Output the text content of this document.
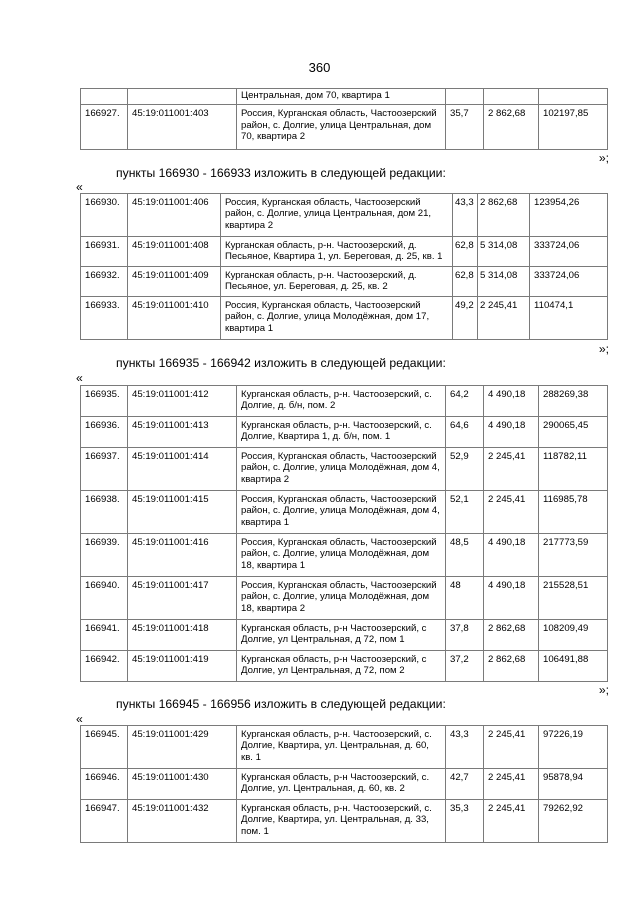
360
		Центральная, дом 70, квартира 1			
166927.	45:19:011001:403	Россия, Курганская область, Частоозерский район, с. Долгие, улица Центральная, дом 70, квартира 2	35,7	2 862,68	102197,85
»;
пункты 166930 - 166933 изложить в следующей редакции:
«
166930.	45:19:011001:406	Россия, Курганская область, Частоозерский район, с. Долгие, улица Центральная, дом 21, квартира 2	43,3	2 862,68	123954,26
166931.	45:19:011001:408	Курганская область, р-н. Частоозерский, д. Песьяное, Квартира 1, ул. Береговая, д. 25, кв. 1	62,8	5 314,08	333724,06
166932.	45:19:011001:409	Курганская область, р-н. Частоозерский, д. Песьяное, ул. Береговая, д. 25, кв. 2	62,8	5 314,08	333724,06
166933.	45:19:011001:410	Россия, Курганская область, Частоозерский район, с. Долгие, улица Молодёжная, дом 17, квартира 1	49,2	2 245,41	110474,1
»;
пункты 166935 - 166942 изложить в следующей редакции:
«
166935.	45:19:011001:412	Курганская область, р-н. Частоозерский, с. Долгие, д. б/н, пом. 2	64,2	4 490,18	288269,38
166936.	45:19:011001:413	Курганская область, р-н. Частоозерский, с. Долгие, Квартира 1, д. б/н, пом. 1	64,6	4 490,18	290065,45
166937.	45:19:011001:414	Россия, Курганская область, Частоозерский район, с. Долгие, улица Молодёжная, дом 4, квартира 2	52,9	2 245,41	118782,11
166938.	45:19:011001:415	Россия, Курганская область, Частоозерский район, с. Долгие, улица Молодёжная, дом 4, квартира 1	52,1	2 245,41	116985,78
166939.	45:19:011001:416	Россия, Курганская область, Частоозерский район, с. Долгие, улица Молодёжная, дом 18, квартира 1	48,5	4 490,18	217773,59
166940.	45:19:011001:417	Россия, Курганская область, Частоозерский район, с. Долгие, улица Молодёжная, дом 18, квартира 2	48	4 490,18	215528,51
166941.	45:19:011001:418	Курганская область, р-н Частоозерский, с Долгие, ул Центральная, д 72, пом 1	37,8	2 862,68	108209,49
166942.	45:19:011001:419	Курганская область, р-н Частоозерский, с Долгие, ул Центральная, д 72, пом 2	37,2	2 862,68	106491,88
»;
пункты 166945 - 166956 изложить в следующей редакции:
«
166945.	45:19:011001:429	Курганская область, р-н. Частоозерский, с. Долгие, Квартира, ул. Центральная, д. 60, кв. 1	43,3	2 245,41	97226,19
166946.	45:19:011001:430	Курганская область, р-н Частоозерский, с. Долгие, ул. Центральная, д. 60, кв. 2	42,7	2 245,41	95878,94
166947.	45:19:011001:432	Курганская область, р-н. Частоозерский, с. Долгие, Квартира, ул. Центральная, д. 33, пом. 1	35,3	2 245,41	79262,92
